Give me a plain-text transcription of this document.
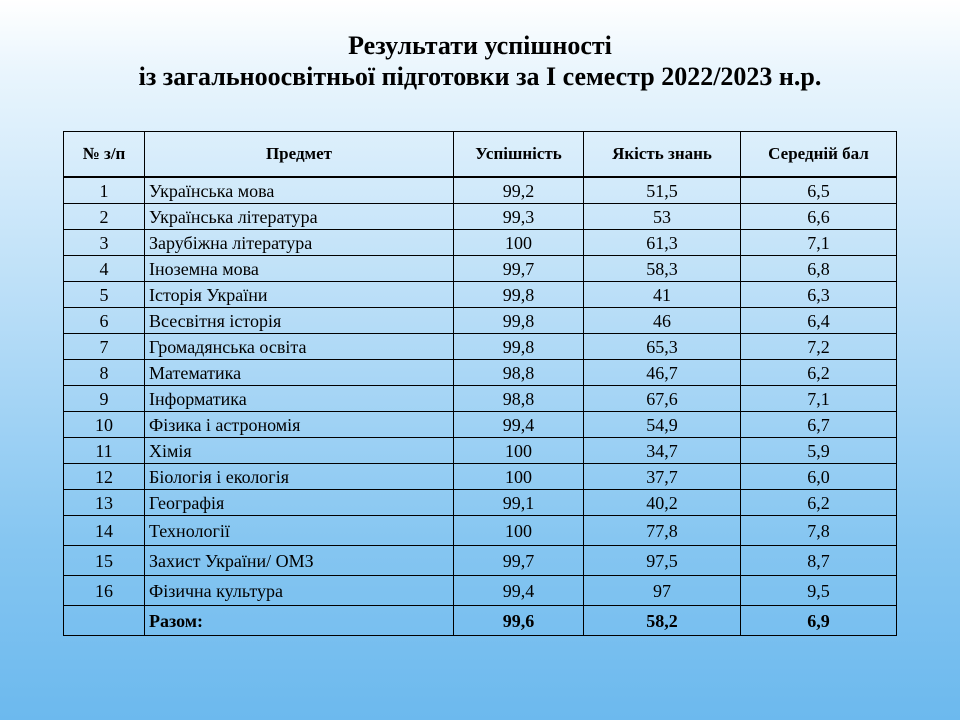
Результати успішності
із загальноосвітньої підготовки за І семестр 2022/2023 н.р.
№ з/п	Предмет	Успішність	Якість знань	Середній бал
1	Українська мова	99,2	51,5	6,5
2	Українська література	99,3	53	6,6
3	Зарубіжна література	100	61,3	7,1
4	Іноземна мова	99,7	58,3	6,8
5	Історія України	99,8	41	6,3
6	Всесвітня історія	99,8	46	6,4
7	Громадянська освіта	99,8	65,3	7,2
8	Математика	98,8	46,7	6,2
9	Інформатика	98,8	67,6	7,1
10	Фізика і астрономія	99,4	54,9	6,7
11	Хімія	100	34,7	5,9
12	Біологія і екологія	100	37,7	6,0
13	Географія	99,1	40,2	6,2
14	Технології	100	77,8	7,8
15	Захист України/ ОМЗ	99,7	97,5	8,7
16	Фізична культура	99,4	97	9,5
	Разом:	99,6	58,2	6,9
